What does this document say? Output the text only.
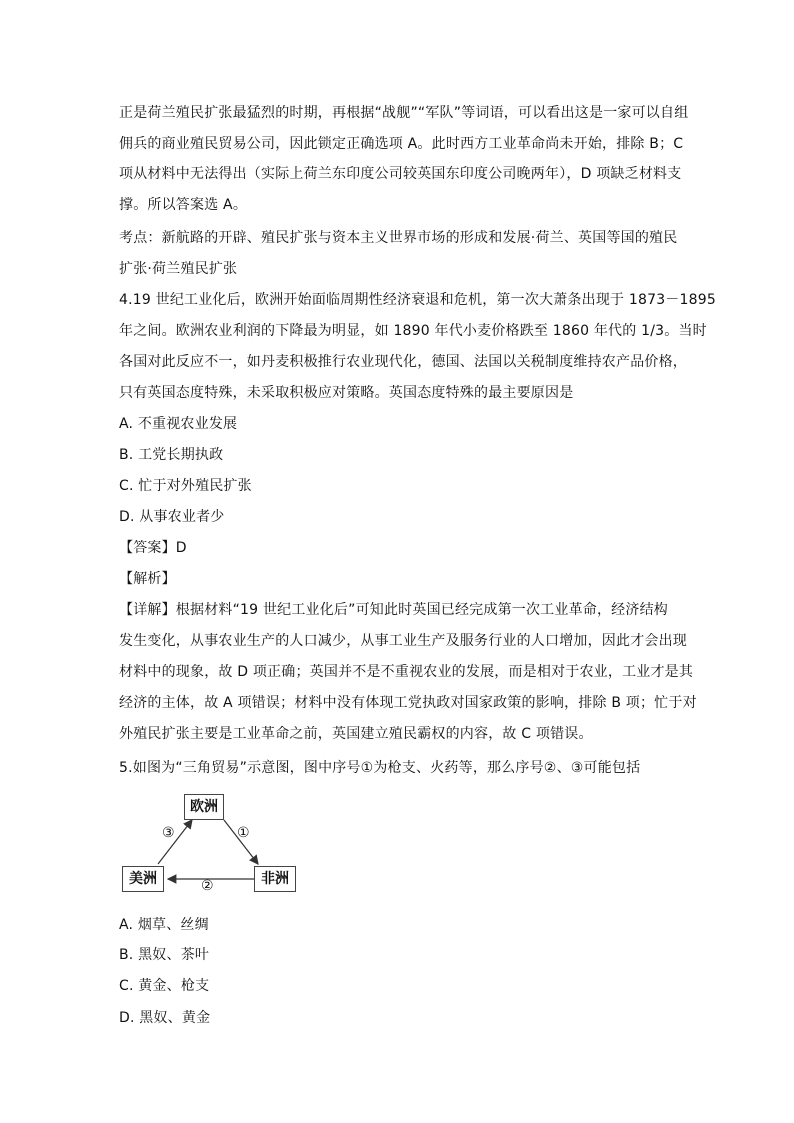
正是荷兰殖民扩张最猛烈的时期，再根据“战舰”“军队”等词语，可以看出这是一家可以自组
佣兵的商业殖民贸易公司，因此锁定正确选项 A。此时西方工业革命尚未开始，排除 B；C
项从材料中无法得出（实际上荷兰东印度公司较英国东印度公司晚两年），D 项缺乏材料支
撑。所以答案选 A。
考点：新航路的开辟、殖民扩张与资本主义世界市场的形成和发展·荷兰、英国等国的殖民
扩张·荷兰殖民扩张
4.19 世纪工业化后，欧洲开始面临周期性经济衰退和危机，第一次大萧条出现于 1873－1895
年之间。欧洲农业利润的下降最为明显，如 1890 年代小麦价格跌至 1860 年代的 1/3。当时
各国对此反应不一，如丹麦积极推行农业现代化，德国、法国以关税制度维持农产品价格，
只有英国态度特殊，未采取积极应对策略。英国态度特殊的最主要原因是
A. 不重视农业发展
B. 工党长期执政
C. 忙于对外殖民扩张
D. 从事农业者少
【答案】D
【解析】
【详解】根据材料“19 世纪工业化后”可知此时英国已经完成第一次工业革命，经济结构
发生变化，从事农业生产的人口减少，从事工业生产及服务行业的人口增加，因此才会出现
材料中的现象，故 D 项正确；英国并不是不重视农业的发展，而是相对于农业，工业才是其
经济的主体，故 A 项错误；材料中没有体现工党执政对国家政策的影响，排除 B 项；忙于对
外殖民扩张主要是工业革命之前，英国建立殖民霸权的内容，故 C 项错误。
5.如图为“三角贸易”示意图，图中序号①为枪支、火药等，那么序号②、③可能包括
欧洲
美洲	非洲
①
②
③
A. 烟草、丝绸
B. 黑奴、茶叶
C. 黄金、枪支
D. 黑奴、黄金
